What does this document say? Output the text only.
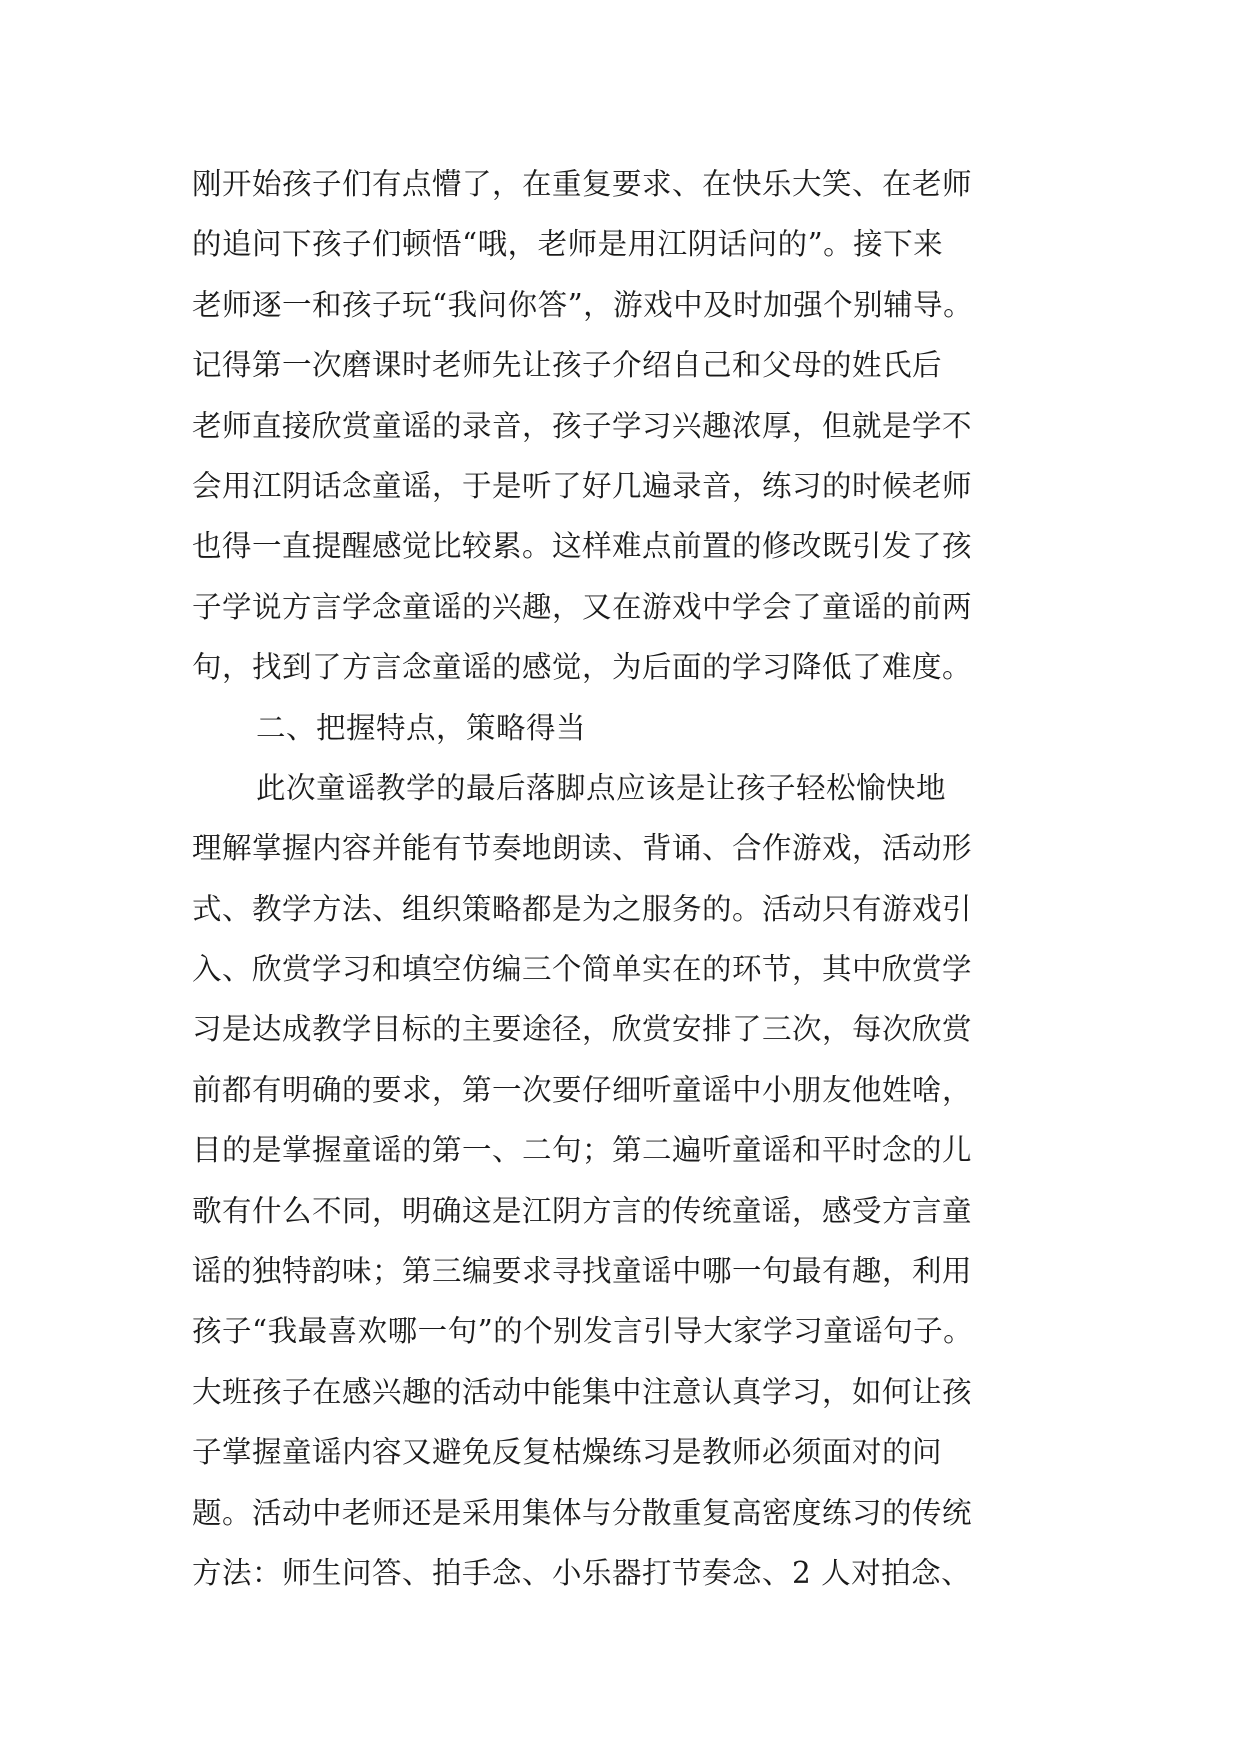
刚开始孩子们有点懵了，在重复要求、在快乐大笑、在老师
的追问下孩子们顿悟“哦，老师是用江阴话问的”。接下来
老师逐一和孩子玩“我问你答”，游戏中及时加强个别辅导。
记得第一次磨课时老师先让孩子介绍自己和父母的姓氏后
老师直接欣赏童谣的录音，孩子学习兴趣浓厚，但就是学不
会用江阴话念童谣，于是听了好几遍录音，练习的时候老师
也得一直提醒感觉比较累。这样难点前置的修改既引发了孩
子学说方言学念童谣的兴趣，又在游戏中学会了童谣的前两
句，找到了方言念童谣的感觉，为后面的学习降低了难度。
二、把握特点，策略得当
此次童谣教学的最后落脚点应该是让孩子轻松愉快地
理解掌握内容并能有节奏地朗读、背诵、合作游戏，活动形
式、教学方法、组织策略都是为之服务的。活动只有游戏引
入、欣赏学习和填空仿编三个简单实在的环节，其中欣赏学
习是达成教学目标的主要途径，欣赏安排了三次，每次欣赏
前都有明确的要求，第一次要仔细听童谣中小朋友他姓啥，
目的是掌握童谣的第一、二句；第二遍听童谣和平时念的儿
歌有什么不同，明确这是江阴方言的传统童谣，感受方言童
谣的独特韵味；第三编要求寻找童谣中哪一句最有趣，利用
孩子“我最喜欢哪一句”的个别发言引导大家学习童谣句子。
大班孩子在感兴趣的活动中能集中注意认真学习，如何让孩
子掌握童谣内容又避免反复枯燥练习是教师必须面对的问
题。活动中老师还是采用集体与分散重复高密度练习的传统
方法：师生问答、拍手念、小乐器打节奏念、2 人对拍念、
